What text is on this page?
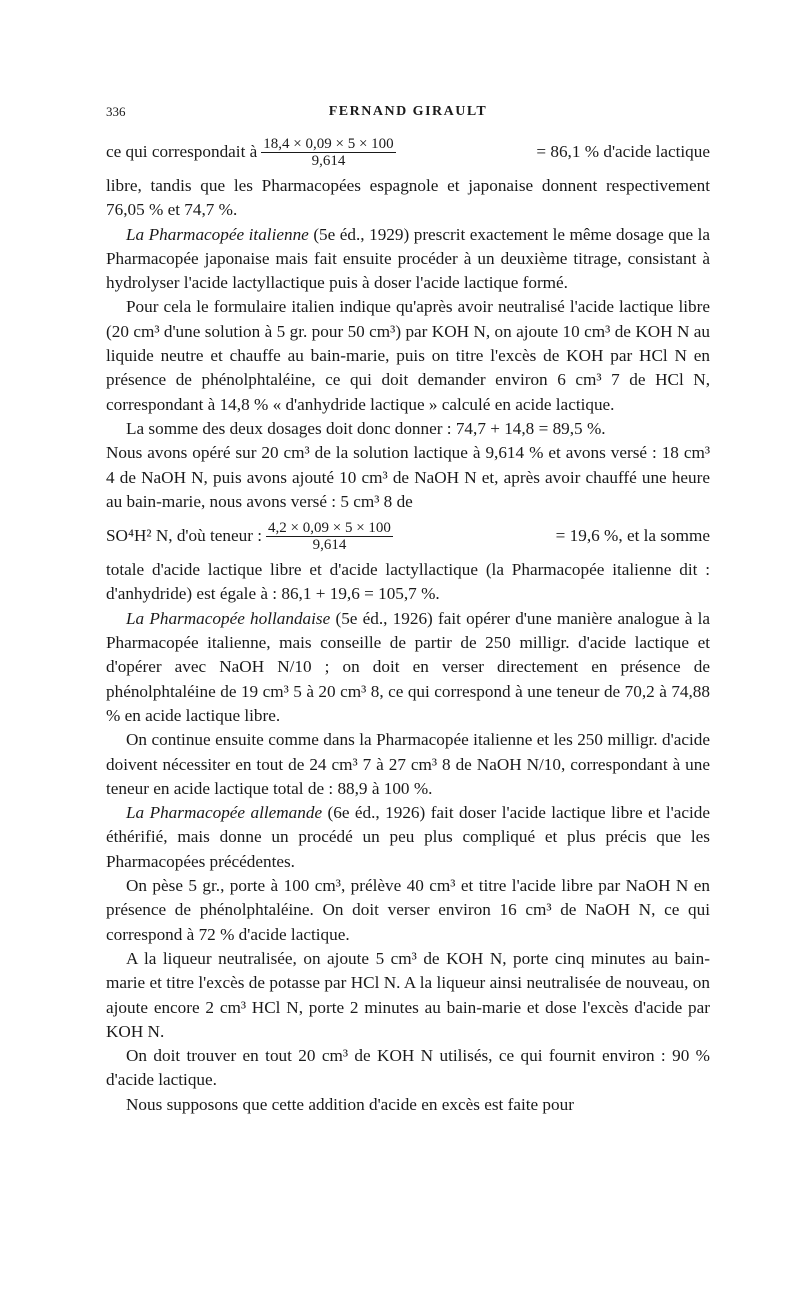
336	FERNAND GIRAULT
ce qui correspondait à $\frac{18,4 \times 0,09 \times 5 \times 100}{9,614}$	= 86,1 % d'acide lactique

libre, tandis que les Pharmacopées espagnole et japonaise donnent respectivement 76,05 % et 74,7 %.

La Pharmacopée italienne (5e éd., 1929) prescrit exactement le même dosage que la Pharmacopée japonaise mais fait ensuite procéder à un deuxième titrage, consistant à hydrolyser l'acide lactyllactique puis à doser l'acide lactique formé.

Pour cela le formulaire italien indique qu'après avoir neutralisé l'acide lactique libre (20 cm³ d'une solution à 5 gr. pour 50 cm³) par KOH N, on ajoute 10 cm³ de KOH N au liquide neutre et chauffe au bain-marie, puis on titre l'excès de KOH par HCl N en présence de phénolphtaléine, ce qui doit demander environ 6 cm³ 7 de HCl N, correspondant à 14,8 % « d'anhydride lactique » calculé en acide lactique.

La somme des deux dosages doit donc donner : 74,7 + 14,8 = 89,5 %.

Nous avons opéré sur 20 cm³ de la solution lactique à 9,614 % et avons versé : 18 cm³ 4 de NaOH N, puis avons ajouté 10 cm³ de NaOH N et, après avoir chauffé une heure au bain-marie, nous avons versé : 5 cm³ 8 de

SO⁴H² N, d'où teneur : $\frac{4,2 \times 0,09 \times 5 \times 100}{9,614}$	= 19,6 %, et la somme

totale d'acide lactique libre et d'acide lactyllactique (la Pharmacopée italienne dit : d'anhydride) est égale à : 86,1 + 19,6 = 105,7 %.

La Pharmacopée hollandaise (5e éd., 1926) fait opérer d'une manière analogue à la Pharmacopée italienne, mais conseille de partir de 250 milligr. d'acide lactique et d'opérer avec NaOH N/10 ; on doit en verser directement en présence de phénolphtaléine de 19 cm³ 5 à 20 cm³ 8, ce qui correspond à une teneur de 70,2 à 74,88 % en acide lactique libre.

On continue ensuite comme dans la Pharmacopée italienne et les 250 milligr. d'acide doivent nécessiter en tout de 24 cm³ 7 à 27 cm³ 8 de NaOH N/10, correspondant à une teneur en acide lactique total de : 88,9 à 100 %.

La Pharmacopée allemande (6e éd., 1926) fait doser l'acide lactique libre et l'acide éthérifié, mais donne un procédé un peu plus compliqué et plus précis que les Pharmacopées précédentes.

On pèse 5 gr., porte à 100 cm³, prélève 40 cm³ et titre l'acide libre par NaOH N en présence de phénolphtaléine. On doit verser environ 16 cm³ de NaOH N, ce qui correspond à 72 % d'acide lactique.

A la liqueur neutralisée, on ajoute 5 cm³ de KOH N, porte cinq minutes au bain-marie et titre l'excès de potasse par HCl N. A la liqueur ainsi neutralisée de nouveau, on ajoute encore 2 cm³ HCl N, porte 2 minutes au bain-marie et dose l'excès d'acide par KOH N.

On doit trouver en tout 20 cm³ de KOH N utilisés, ce qui fournit environ : 90 % d'acide lactique.

Nous supposons que cette addition d'acide en excès est faite pour
